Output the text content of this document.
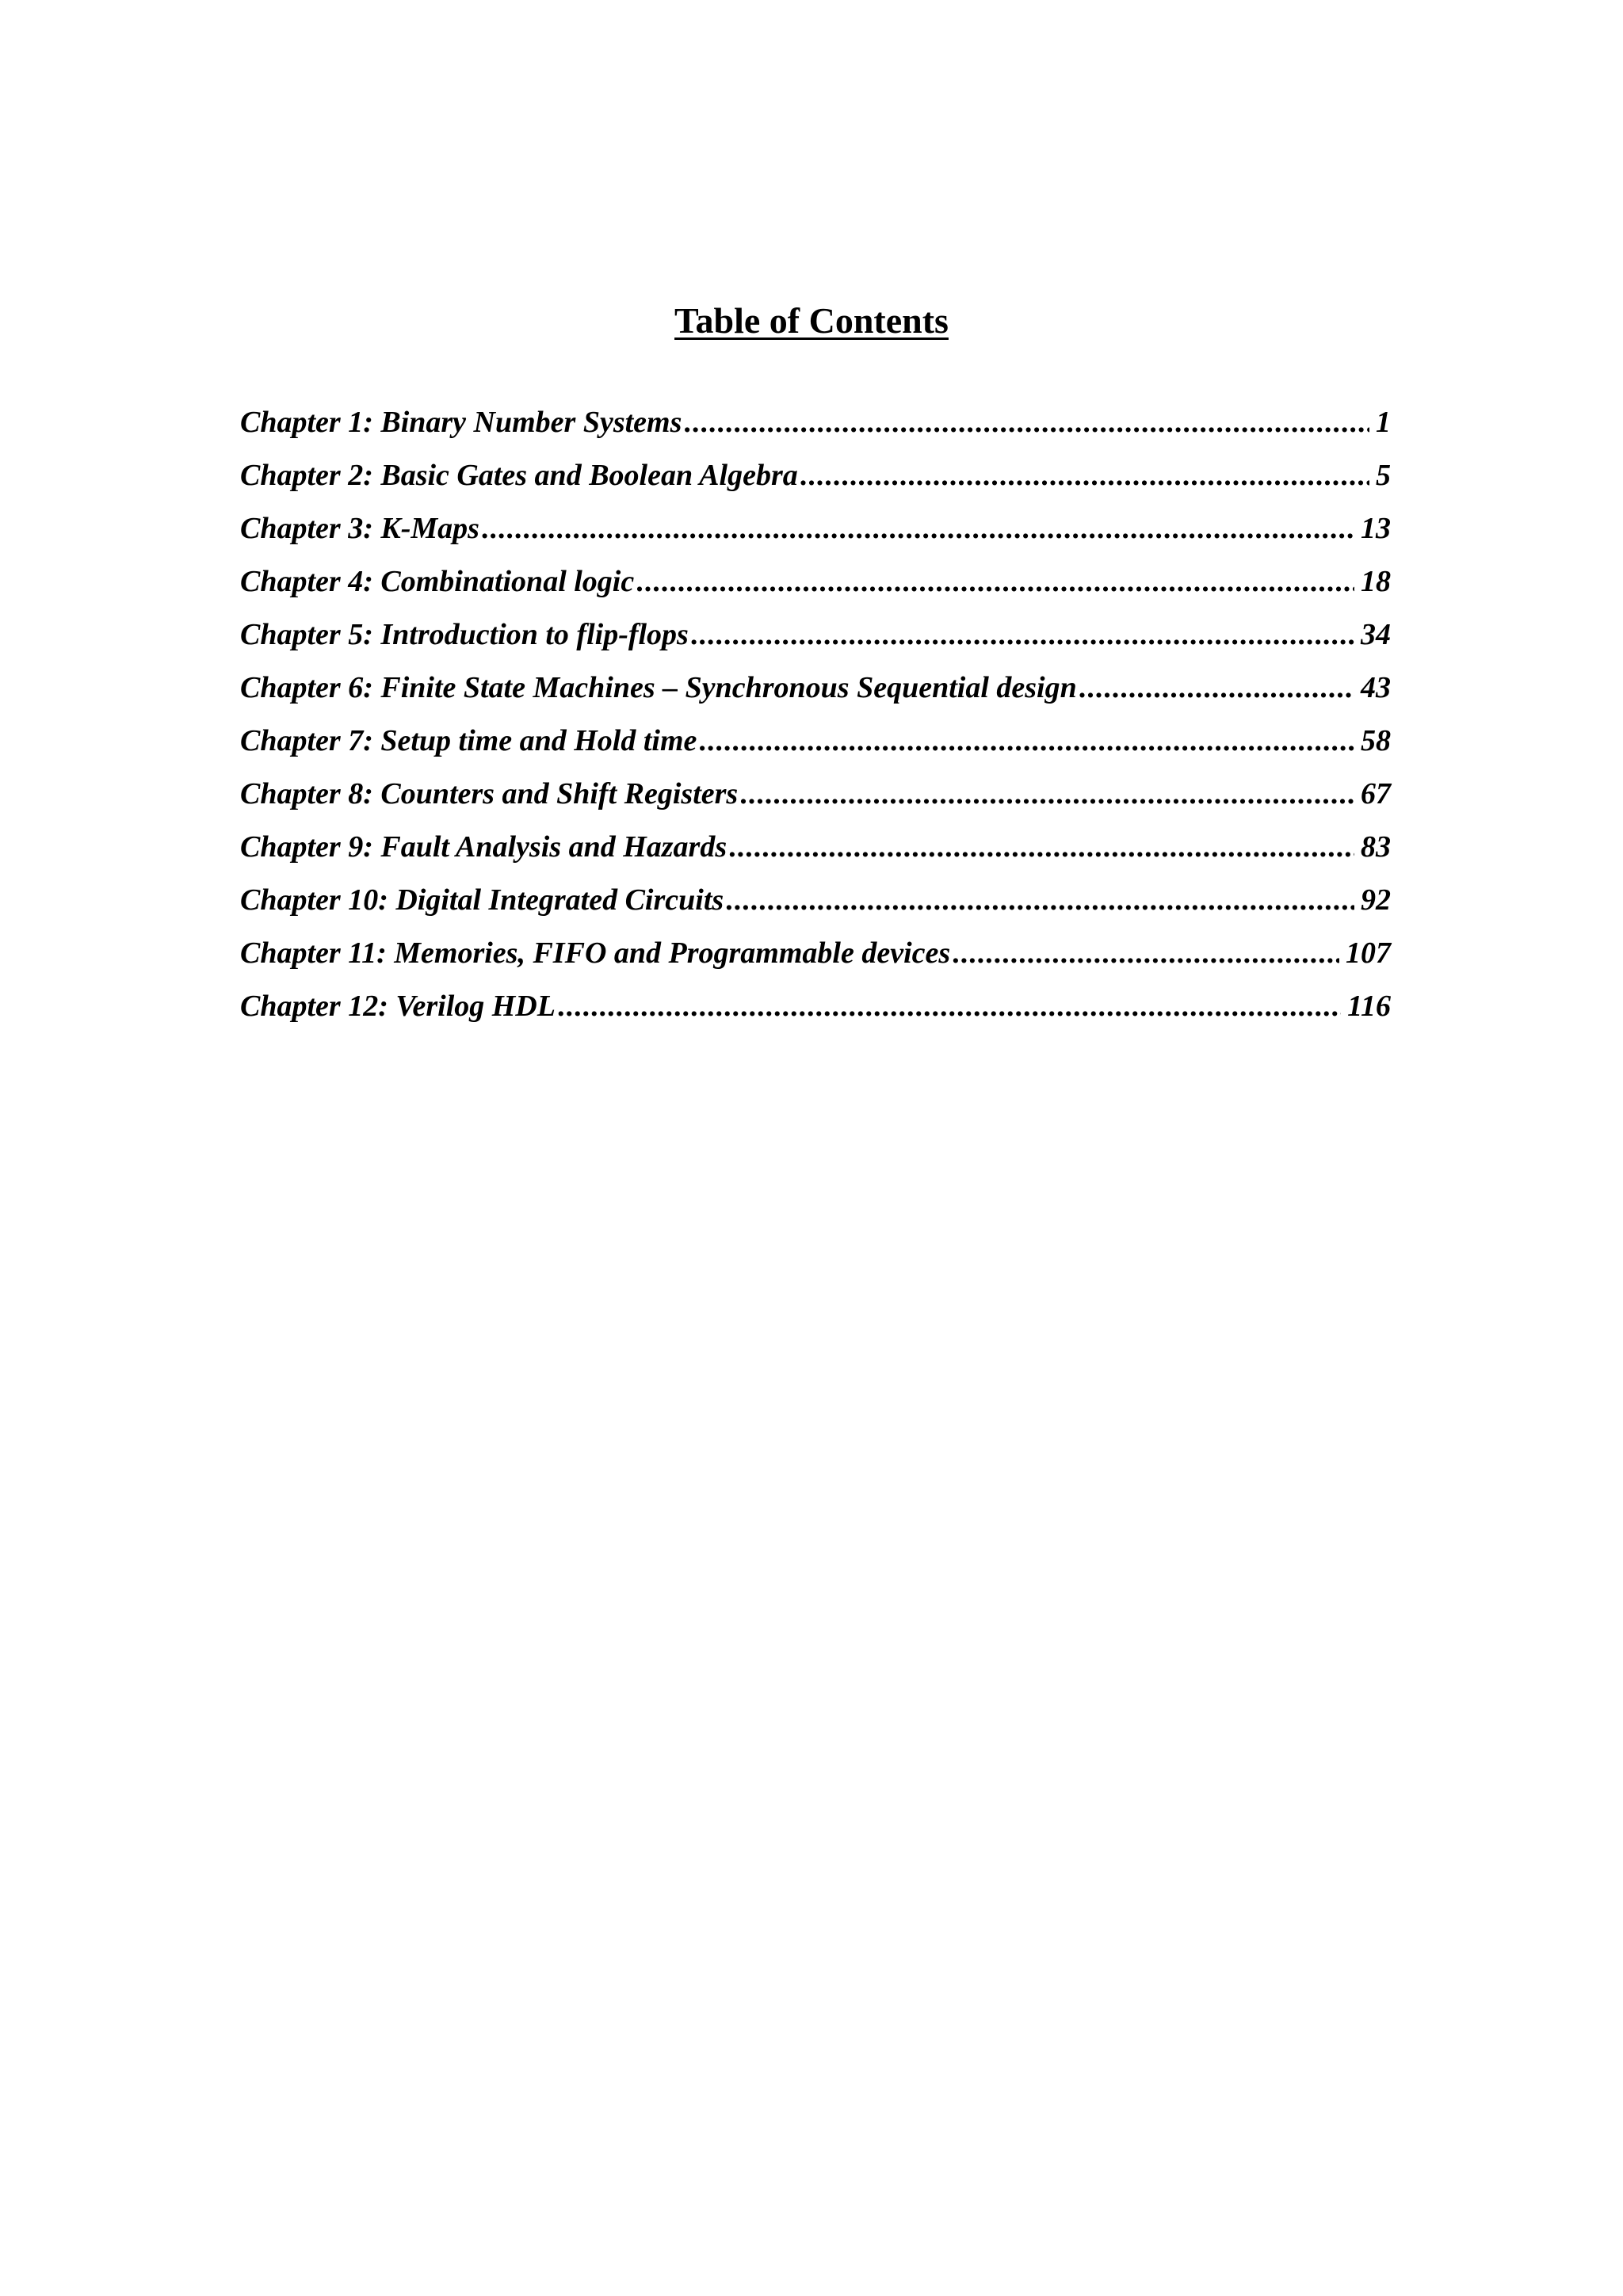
Table of Contents
Chapter 1: Binary Number Systems .....	1
Chapter 2: Basic Gates and Boolean Algebra .....	5
Chapter 3: K-Maps .....	13
Chapter 4: Combinational logic .....	18
Chapter 5: Introduction to flip-flops .....	34
Chapter 6: Finite State Machines – Synchronous Sequential design .....	43
Chapter 7: Setup time and Hold time .....	58
Chapter 8: Counters and Shift Registers .....	67
Chapter 9: Fault Analysis and Hazards .....	83
Chapter 10: Digital Integrated Circuits .....	92
Chapter 11: Memories, FIFO and Programmable devices .....	107
Chapter 12: Verilog HDL .....	116
